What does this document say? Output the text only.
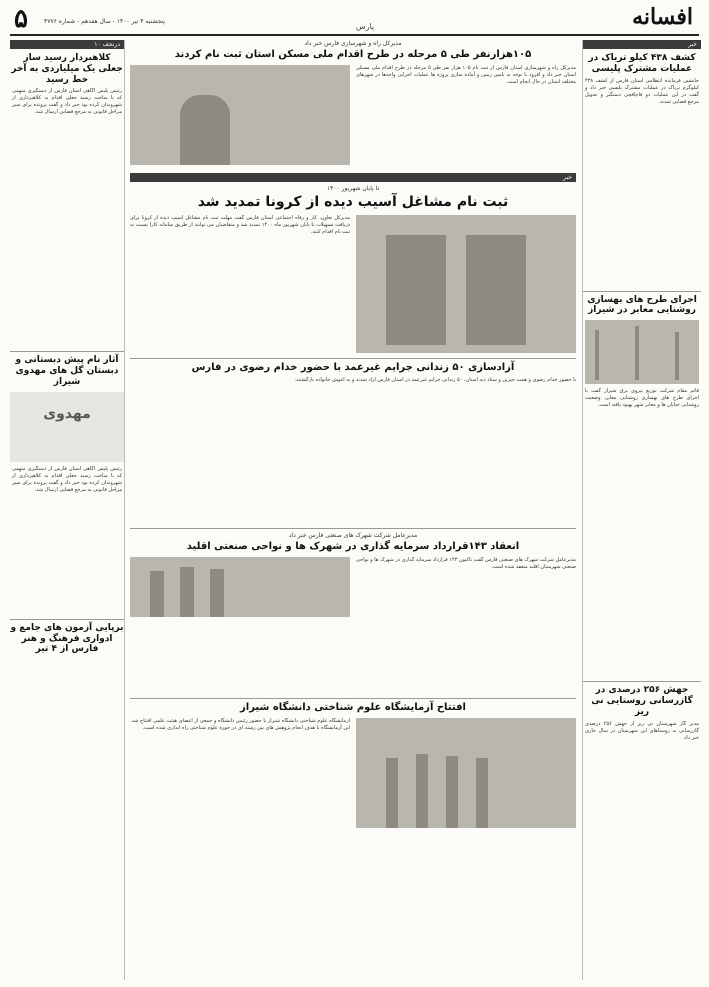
افسانه
پارس
پنجشنبه ۴ تیر ۱۴۰۰ - سال هفدهم - شماره ۴۷۷۶
۵
خبر
کشف ۴۳۸ کیلو تریاک در عملیات مشترک پلیسی
جانشین فرمانده انتظامی استان فارس از کشف ۴۳۸ کیلوگرم تریاک در عملیات مشترک پلیسی خبر داد و گفت در این عملیات دو قاچاقچی دستگیر و تحویل مرجع قضایی شدند.
اجرای طرح های بهسازی روشنایی معابر در شیراز
قائم مقام شرکت توزیع نیروی برق شیراز گفت با اجرای طرح های بهسازی روشنایی معابر، وضعیت روشنایی خیابان ها و معابر شهر بهبود یافته است.
جهش ۲۵۶ درصدی در گازرسانی روستایی نی ریز
مدیر گاز شهرستان نی ریز از جهش ۲۵۶ درصدی گازرسانی به روستاهای این شهرستان در سال جاری خبر داد.
درنجف ۱۰
کلاهبردار رسید ساز جعلی یک میلیاردی به آخر خط رسید
رئیس پلیس آگاهی استان فارس از دستگیری متهمی که با ساخت رسید جعلی اقدام به کلاهبرداری از شهروندان کرده بود خبر داد و گفت پرونده برای سیر مراحل قانونی به مرجع قضایی ارسال شد.
آثار نام پیش دبستانی و دبستان گل های مهدوی شیراز
مهدوی
رئیس پلیس آگاهی استان فارس از دستگیری متهمی که با ساخت رسید جعلی اقدام به کلاهبرداری از شهروندان کرده بود خبر داد و گفت پرونده برای سیر مراحل قانونی به مرجع قضایی ارسال شد.
برپایی آزمون های جامع و ادواری فرهنگ و هنر فارس از ۴ تیر
مدیرکل راه و شهرسازی فارس خبر داد
۱۰۵هزارنفر طی ۵ مرحله در طرح اقدام ملی مسکن استان ثبت نام کردند
مدیرکل راه و شهرسازی استان فارس از ثبت نام ۱۰۵ هزار نفر طی ۵ مرحله در طرح اقدام ملی مسکن استان خبر داد و افزود با توجه به تامین زمین و آماده سازی پروژه ها عملیات اجرایی واحدها در شهرهای مختلف استان در حال انجام است.
خبر
تا پایان شهریور ۱۴۰۰
ثبت نام مشاغل آسیب دیده از کرونا تمدید شد
مدیرکل تعاون، کار و رفاه اجتماعی استان فارس گفت مهلت ثبت نام مشاغل آسیب دیده از کرونا برای دریافت تسهیلات تا پایان شهریور ماه ۱۴۰۰ تمدید شد و متقاضیان می توانند از طریق سامانه کارا نسبت به ثبت نام اقدام کنند.
آزادسازی ۵۰ زندانی جرایم غیرعمد با حضور خدام رضوی در فارس
با حضور خدام رضوی و همت خیرین و ستاد دیه استان، ۵۰ زندانی جرایم غیرعمد در استان فارس آزاد شدند و به آغوش خانواده بازگشتند.
مدیرعامل شرکت شهرک های صنعتی فارس خبر داد
انعقاد ۱۴۳قرارداد سرمایه گذاری در شهرک ها و نواحی صنعتی اقلید
مدیرعامل شرکت شهرک های صنعتی فارس گفت تاکنون ۱۴۳ قرارداد سرمایه گذاری در شهرک ها و نواحی صنعتی شهرستان اقلید منعقد شده است.
افتتاح آزمایشگاه علوم شناختی دانشگاه شیراز
آزمایشگاه علوم شناختی دانشگاه شیراز با حضور رئیس دانشگاه و جمعی از اعضای هیئت علمی افتتاح شد. این آزمایشگاه با هدف انجام پژوهش های بین رشته ای در حوزه علوم شناختی راه اندازی شده است.
